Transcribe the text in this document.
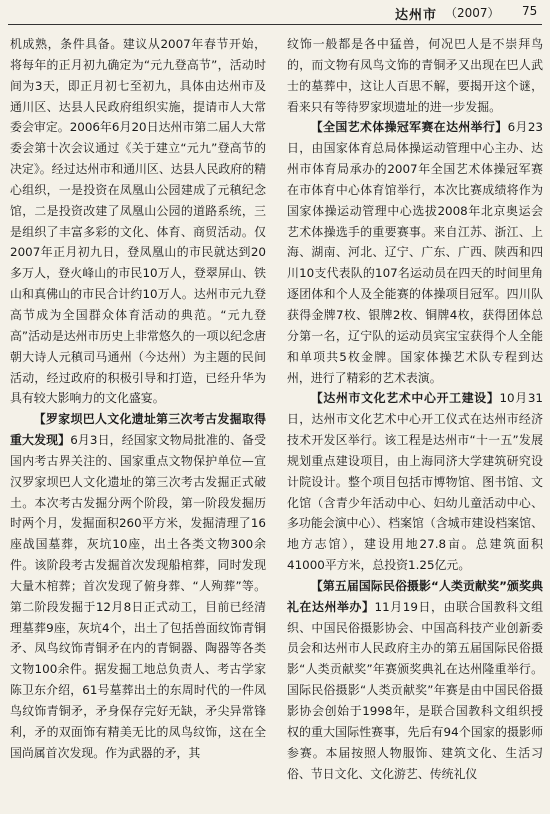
达州市 （2007） 75

机成熟，条件具备。建议从2007年春节开始，将每年的正月初九确定为“元九登高节”，活动时间为3天，即正月初七至初九，具体由达州市及通川区、达县人民政府组织实施，提请市人大常委会审定。2006年6月20日达州市第二届人大常委会第十次会议通过《关于建立“元九”登高节的决定》。经过达州市和通川区、达县人民政府的精心组织，一是投资在凤凰山公园建成了元稹纪念馆，二是投资改建了凤凰山公园的道路系统，三是组织了丰富多彩的文化、体育、商贸活动。仅2007年正月初九日，登凤凰山的市民就达到20多万人，登火峰山的市民10万人，登翠屏山、铁山和真佛山的市民合计约10万人。达州市元九登高节成为全国群众体育活动的典范。“元九登高”活动是达州市历史上非常悠久的一项以纪念唐朝大诗人元稹司马通州（今达州）为主题的民间活动，经过政府的积极引导和打造，已经升华为具有较大影响力的文化盛宴。

【罗家坝巴人文化遗址第三次考古发掘取得重大发现】6月3日，经国家文物局批准的、备受国内考古界关注的、国家重点文物保护单位—宣汉罗家坝巴人文化遗址的第三次考古发掘正式破土。本次考古发掘分两个阶段，第一阶段发掘历时两个月，发掘面积260平方米，发掘清理了16座战国墓葬，灰坑10座，出土各类文物300余件。该阶段考古发掘首次发现船棺葬，同时发现大量木棺葬；首次发现了俯身葬、“人殉葬”等。第二阶段发掘于12月8日正式动工，目前已经清理墓葬9座，灰坑4个，出土了包括兽面纹饰青铜矛、凤鸟纹饰青铜矛在内的青铜器、陶器等各类文物100余件。据发掘工地总负责人、考古学家陈卫东介绍，61号墓葬出土的东周时代的一件凤鸟纹饰青铜矛，矛身保存完好无缺，矛尖异常锋利，矛的双面饰有精美无比的凤鸟纹饰，这在全国尚属首次发现。作为武器的矛，其

纹饰一般都是各中猛兽，何况巴人是不崇拜鸟的，而文物有凤鸟文饰的青铜矛又出现在巴人武士的墓葬中，这让人百思不解，要揭开这个谜，看来只有等待罗家坝遗址的进一步发掘。

【全国艺术体操冠军赛在达州举行】6月23日，由国家体育总局体操运动管理中心主办、达州市体育局承办的2007年全国艺术体操冠军赛在市体育中心体育馆举行，本次比赛成绩将作为国家体操运动管理中心选拔2008年北京奥运会艺术体操选手的重要赛事。来自江苏、浙江、上海、湖南、河北、辽宁、广东、广西、陕西和四川10支代表队的107名运动员在四天的时间里角逐团体和个人及全能赛的体操项目冠军。四川队获得金牌7枚、银牌2枚、铜牌4枚，获得团体总分第一名，辽宁队的运动员宾宝宝获得个人全能和单项共5枚金牌。国家体操艺术队专程到达州，进行了精彩的艺术表演。

【达州市文化艺术中心开工建设】10月31日，达州市文化艺术中心开工仪式在达州市经济技术开发区举行。该工程是达州市“十一五”发展规划重点建设项目，由上海同济大学建筑研究设计院设计。整个项目包括市博物馆、图书馆、文化馆（含青少年活动中心、妇幼儿童活动中心、多功能会演中心）、档案馆（含城市建设档案馆、地方志馆），建设用地27.8亩。总建筑面积41000平方米，总投资1.25亿元。

【第五届国际民俗摄影“人类贡献奖”颁奖典礼在达州举办】11月19日，由联合国教科文组织、中国民俗摄影协会、中国高科技产业创新委员会和达州市人民政府主办的第五届国际民俗摄影“人类贡献奖”年赛颁奖典礼在达州隆重举行。国际民俗摄影“人类贡献奖”年赛是由中国民俗摄影协会创始于1998年，是联合国教科文组织授权的重大国际性赛事，先后有94个国家的摄影师参赛。本届按照人物服饰、建筑文化、生活习俗、节日文化、文化游艺、传统礼仪
